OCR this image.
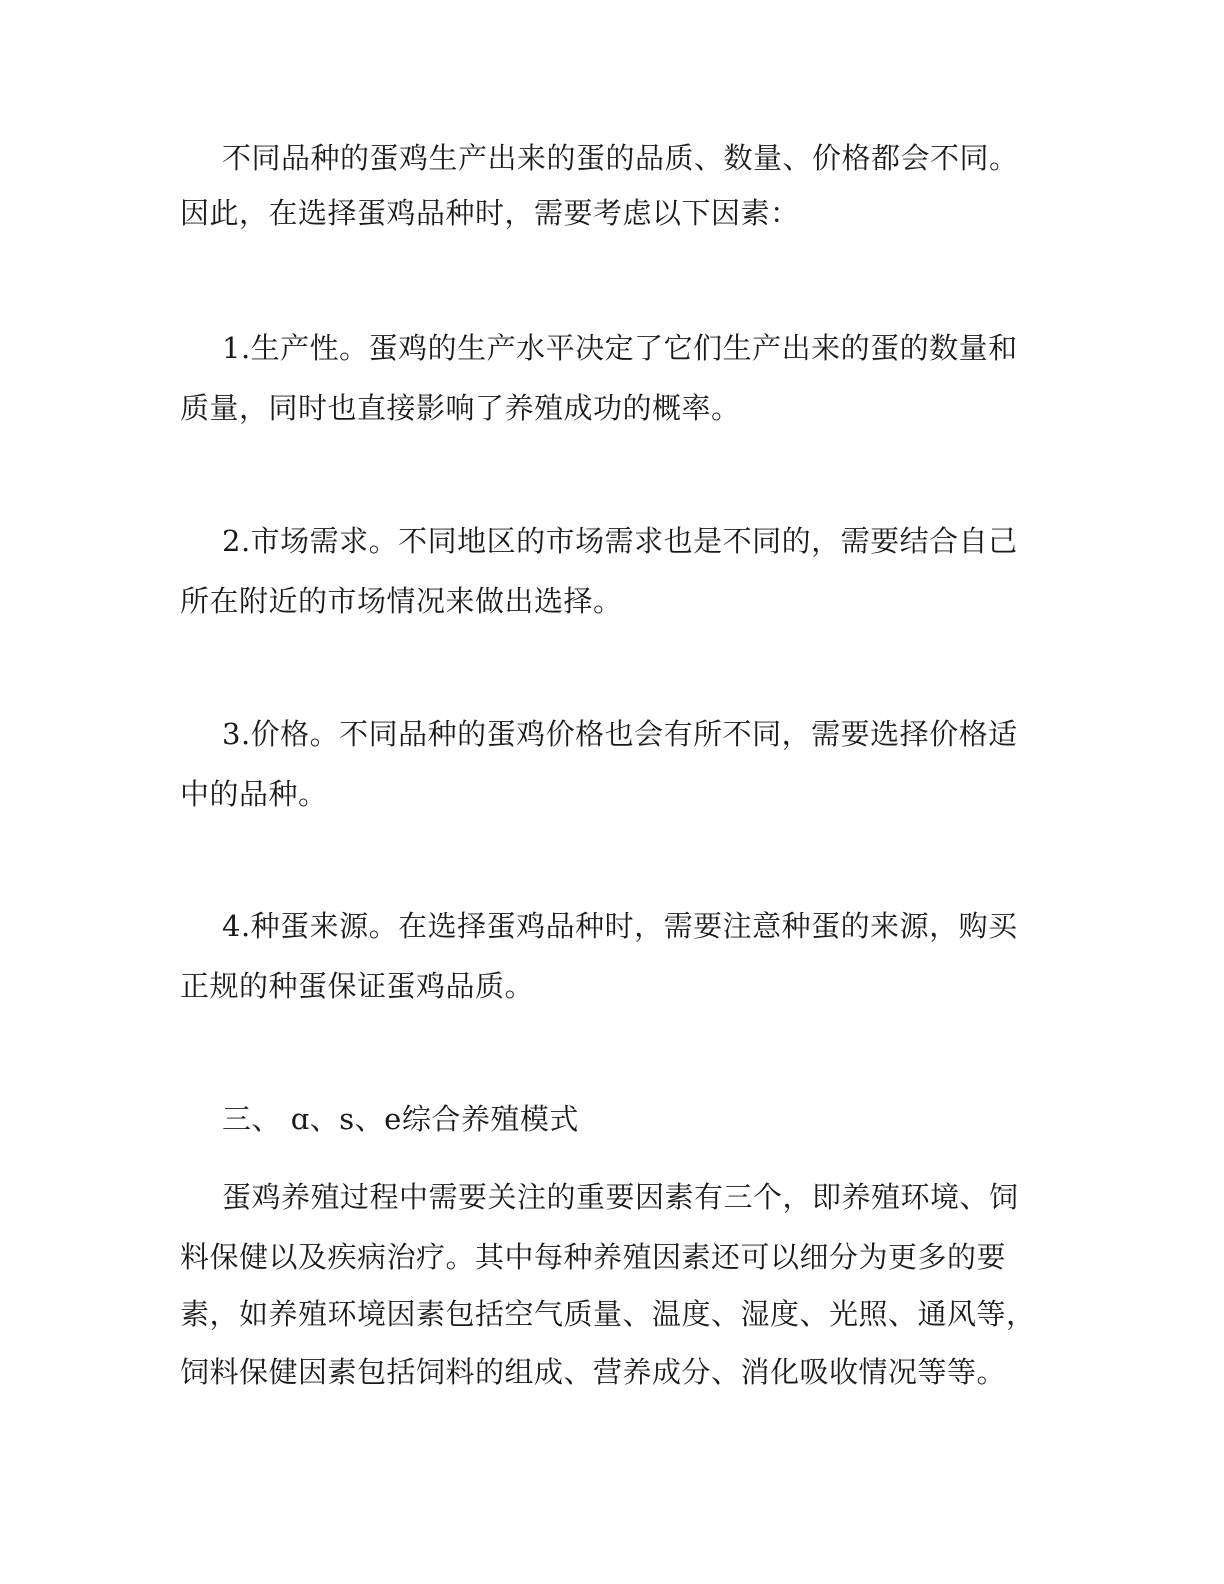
不同品种的蛋鸡生产出来的蛋的品质、数量、价格都会不同。
因此，在选择蛋鸡品种时，需要考虑以下因素：
1.生产性。蛋鸡的生产水平决定了它们生产出来的蛋的数量和
质量，同时也直接影响了养殖成功的概率。
2.市场需求。不同地区的市场需求也是不同的，需要结合自己
所在附近的市场情况来做出选择。
3.价格。不同品种的蛋鸡价格也会有所不同，需要选择价格适
中的品种。
4.种蛋来源。在选择蛋鸡品种时，需要注意种蛋的来源，购买
正规的种蛋保证蛋鸡品质。
三、 ɑ、s、e综合养殖模式
蛋鸡养殖过程中需要关注的重要因素有三个，即养殖环境、饲
料保健以及疾病治疗。其中每种养殖因素还可以细分为更多的要
素，如养殖环境因素包括空气质量、温度、湿度、光照、通风等，
饲料保健因素包括饲料的组成、营养成分、消化吸收情况等等。
